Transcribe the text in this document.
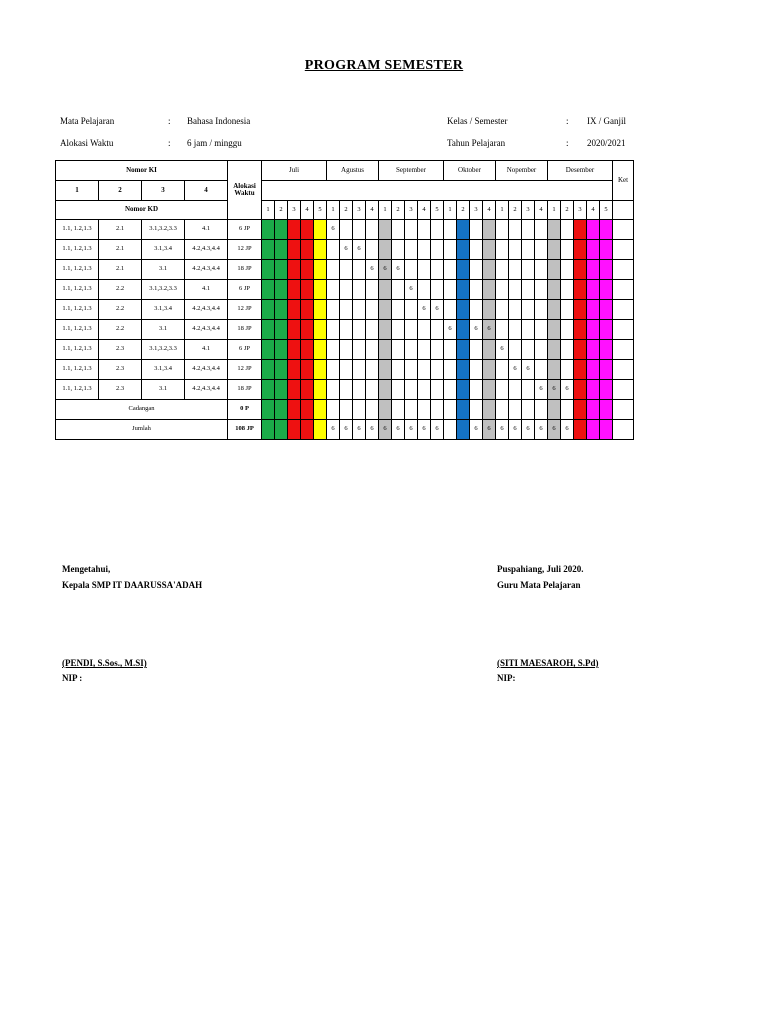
PROGRAM SEMESTER
Mata Pelajaran	: Bahasa Indonesia
Alokasi Waktu	: 6 jam / minggu
Kelas / Semester	: IX / Ganjil
Tahun Pelajaran	: 2020/2021
Nomor KI				Alokasi Waktu	Juli					Agustus				September					Oktober				Nopember				Desember					Ket
1	2	3	4																													
Nomor KD					1	2	3	4	5	1	2	3	4	1	2	3	4	5	1	2	3	4	1	2	3	4	1	2	3	4	5	
1.1, 1.2,1.3	2.1	3.1,3.2,3.3	4.1	6 JP						6																						
1.1, 1.2,1.3	2.1	3.1,3.4	4.2,4.3,4.4	12 JP							6	6																				
1.1, 1.2,1.3	2.1	3.1	4.2,4.3,4.4	18 JP									6	6	6																	
1.1, 1.2,1.3	2.2	3.1,3.2,3.3	4.1	6 JP												6																
1.1, 1.2,1.3	2.2	3.1,3.4	4.2,4.3,4.4	12 JP													6	6														
1.1, 1.2,1.3	2.2	3.1	4.2,4.3,4.4	18 JP															6		6	6										
1.1, 1.2,1.3	2.3	3.1,3.2,3.3	4.1	6 JP																			6									
1.1, 1.2,1.3	2.3	3.1,3.4	4.2,4.3,4.4	12 JP																				6	6							
1.1, 1.2,1.3	2.3	3.1	4.2,4.3,4.4	18 JP																						6	6	6				
Cadangan				0 P																												
Jumlah				108 JP						6	6	6	6	6	6	6	6	6			6	6	6	6	6	6	6	6				
Mengetahui,
Kepala SMP IT DAARUSSA'ADAH
(PENDI, S.Sos., M.SI)
NIP :
Puspahiang, Juli 2020.
Guru Mata Pelajaran
(SITI MAESAROH, S.Pd)
NIP:
